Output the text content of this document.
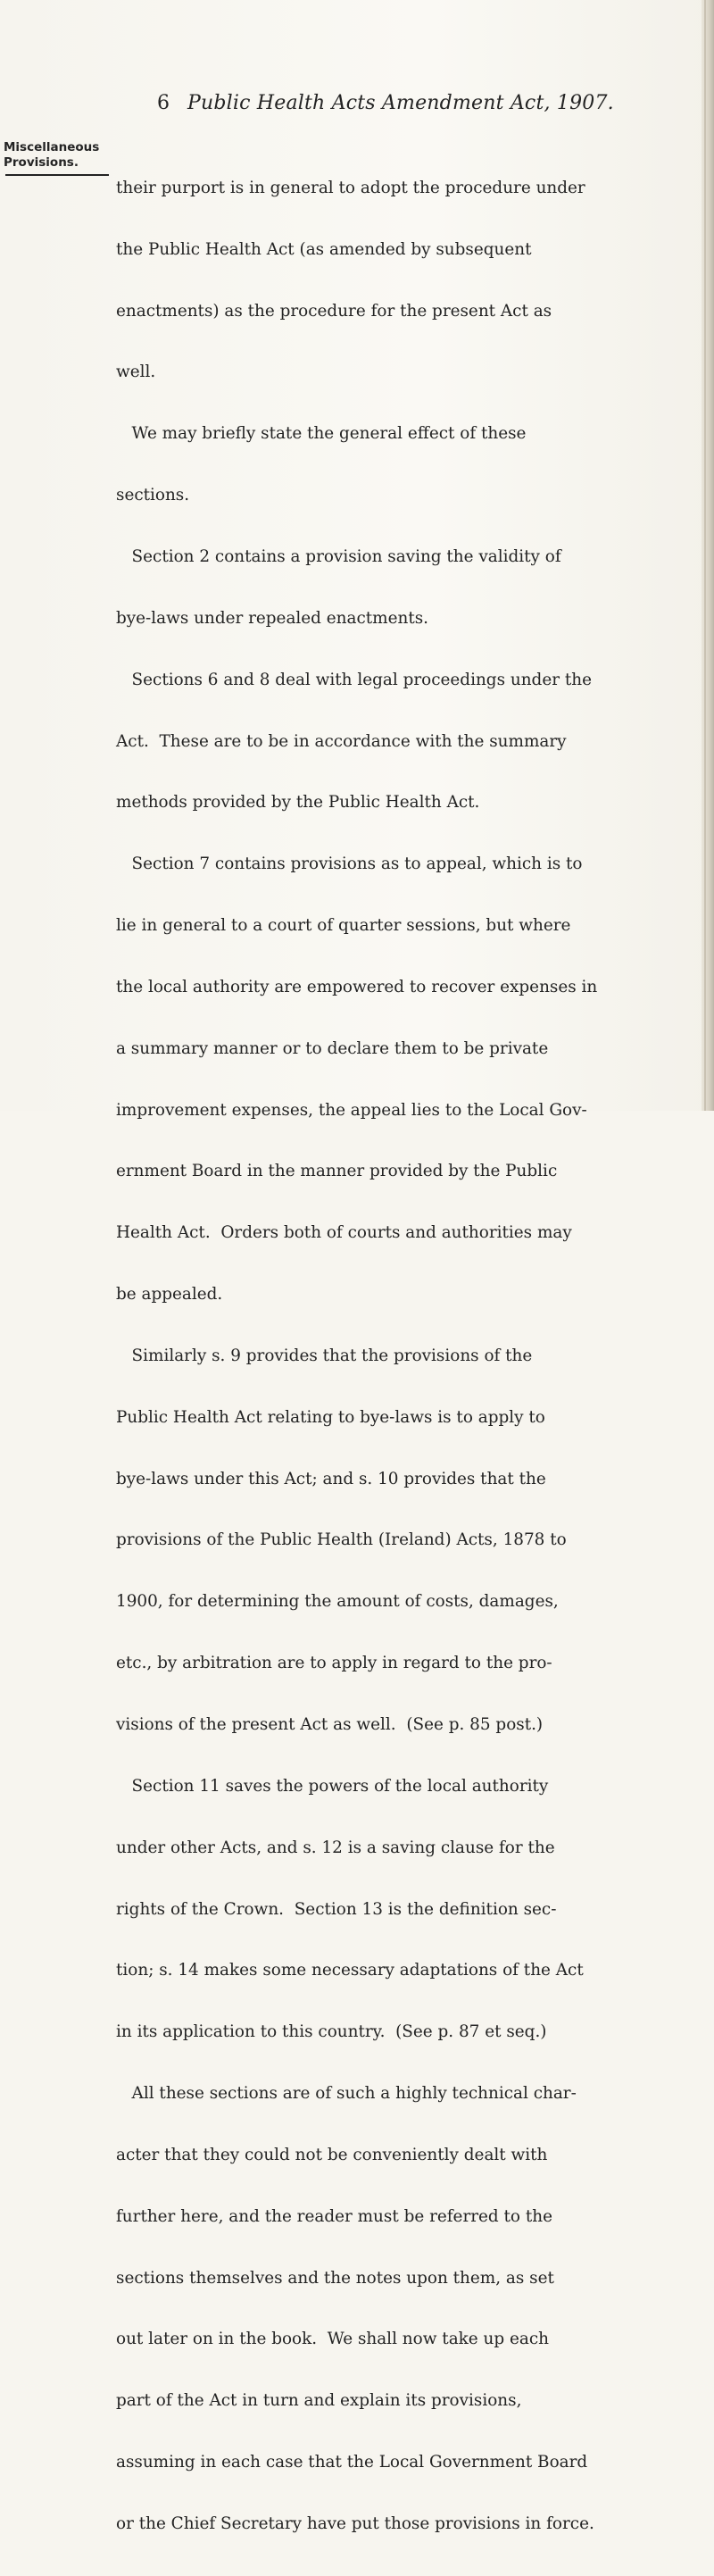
6 Public Health Acts Amendment Act, 1907.
Miscellaneous
Provisions.

their purport is in general to adopt the procedure under

the Public Health Act (as amended by subsequent

enactments) as the procedure for the present Act as

well.

We may briefly state the general effect of these

sections.

Section 2 contains a provision saving the validity of

bye-laws under repealed enactments.

Sections 6 and 8 deal with legal proceedings under the

Act.  These are to be in accordance with the summary

methods provided by the Public Health Act.

Section 7 contains provisions as to appeal, which is to

lie in general to a court of quarter sessions, but where

the local authority are empowered to recover expenses in

a summary manner or to declare them to be private

improvement expenses, the appeal lies to the Local Gov-

ernment Board in the manner provided by the Public

Health Act.  Orders both of courts and authorities may

be appealed.

Similarly s. 9 provides that the provisions of the

Public Health Act relating to bye-laws is to apply to

bye-laws under this Act; and s. 10 provides that the

provisions of the Public Health (Ireland) Acts, 1878 to

1900, for determining the amount of costs, damages,

etc., by arbitration are to apply in regard to the pro-

visions of the present Act as well.  (See p. 85 post.)

Section 11 saves the powers of the local authority

under other Acts, and s. 12 is a saving clause for the

rights of the Crown.  Section 13 is the definition sec-

tion; s. 14 makes some necessary adaptations of the Act

in its application to this country.  (See p. 87 et seq.)

All these sections are of such a highly technical char-

acter that they could not be conveniently dealt with

further here, and the reader must be referred to the

sections themselves and the notes upon them, as set

out later on in the book.  We shall now take up each

part of the Act in turn and explain its provisions,

assuming in each case that the Local Government Board

or the Chief Secretary have put those provisions in force.
